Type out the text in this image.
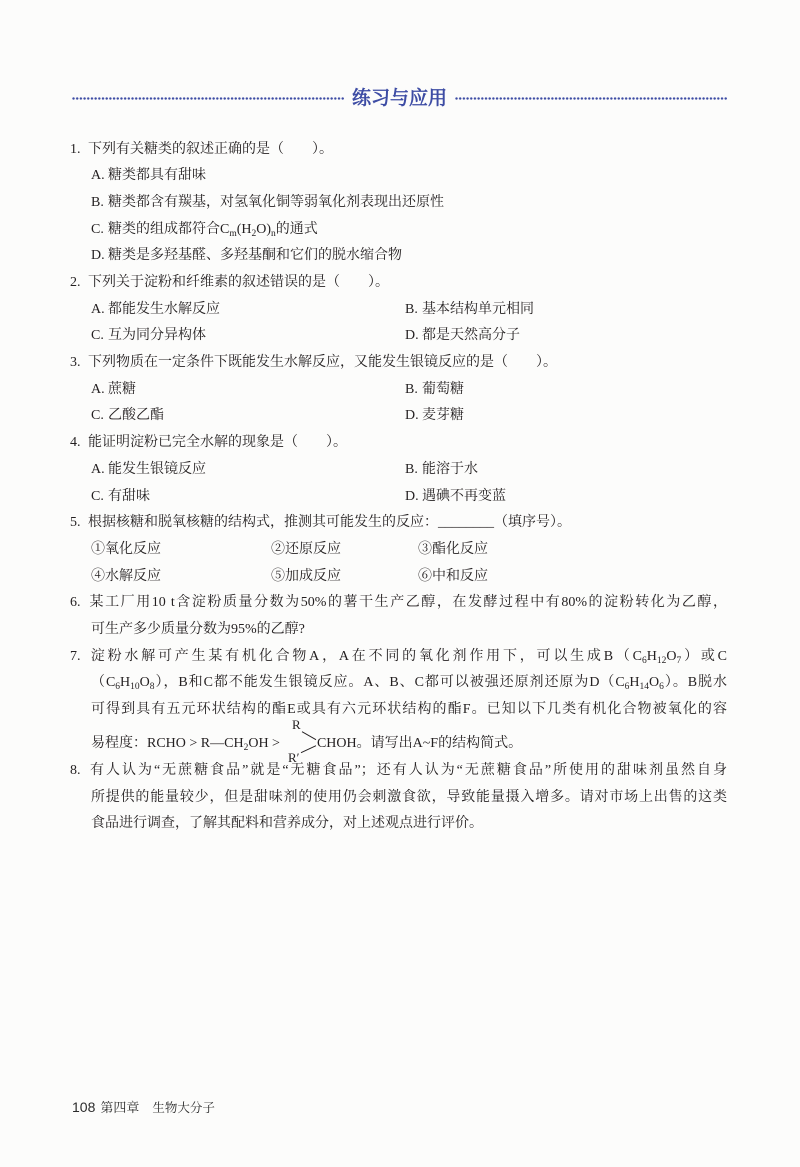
练习与应用
1. 下列有关糖类的叙述正确的是（　　）。
A. 糖类都具有甜味
B. 糖类都含有羰基，对氢氧化铜等弱氧化剂表现出还原性
C. 糖类的组成都符合$C_m(H_2O)_n$的通式
D. 糖类是多羟基醛、多羟基酮和它们的脱水缩合物
2. 下列关于淀粉和纤维素的叙述错误的是（　　）。
A. 都能发生水解反应	B. 基本结构单元相同
C. 互为同分异构体	D. 都是天然高分子
3. 下列物质在一定条件下既能发生水解反应，又能发生银镜反应的是（　　）。
A. 蔗糖	B. 葡萄糖
C. 乙酸乙酯	D. 麦芽糖
4. 能证明淀粉已完全水解的现象是（　　）。
A. 能发生银镜反应	B. 能溶于水
C. 有甜味	D. 遇碘不再变蓝
5. 根据核糖和脱氧核糖的结构式，推测其可能发生的反应：________（填序号）。
①氧化反应	②还原反应	③酯化反应
④水解反应	⑤加成反应	⑥中和反应
6. 某工厂用10 t含淀粉质量分数为50%的薯干生产乙醇，在发酵过程中有80%的淀粉转化为乙醇，
可生产多少质量分数为95%的乙醇?
7. 淀粉水解可产生某有机化合物A，A在不同的氧化剂作用下，可以生成$B(C_6H_{12}O_7)$或C
$(C_6H_{10}O_8)$，B和C都不能发生银镜反应。A、B、C都可以被强还原剂还原为$D(C_6H_{14}O_6)$。B脱水
可得到具有五元环状结构的酯E或具有六元环状结构的酯F。已知以下几类有机化合物被氧化的容
易程度：RCHO > $R—CH_2OH$ >
R
R′
CHOH。请写出A~F的结构简式。
8. 有人认为“无蔗糖食品”就是“无糖食品”；还有人认为“无蔗糖食品”所使用的甜味剂虽然自身
所提供的能量较少，但是甜味剂的使用仍会刺激食欲，导致能量摄入增多。请对市场上出售的这类
食品进行调查，了解其配料和营养成分，对上述观点进行评价。
108 第四章 生物大分子
